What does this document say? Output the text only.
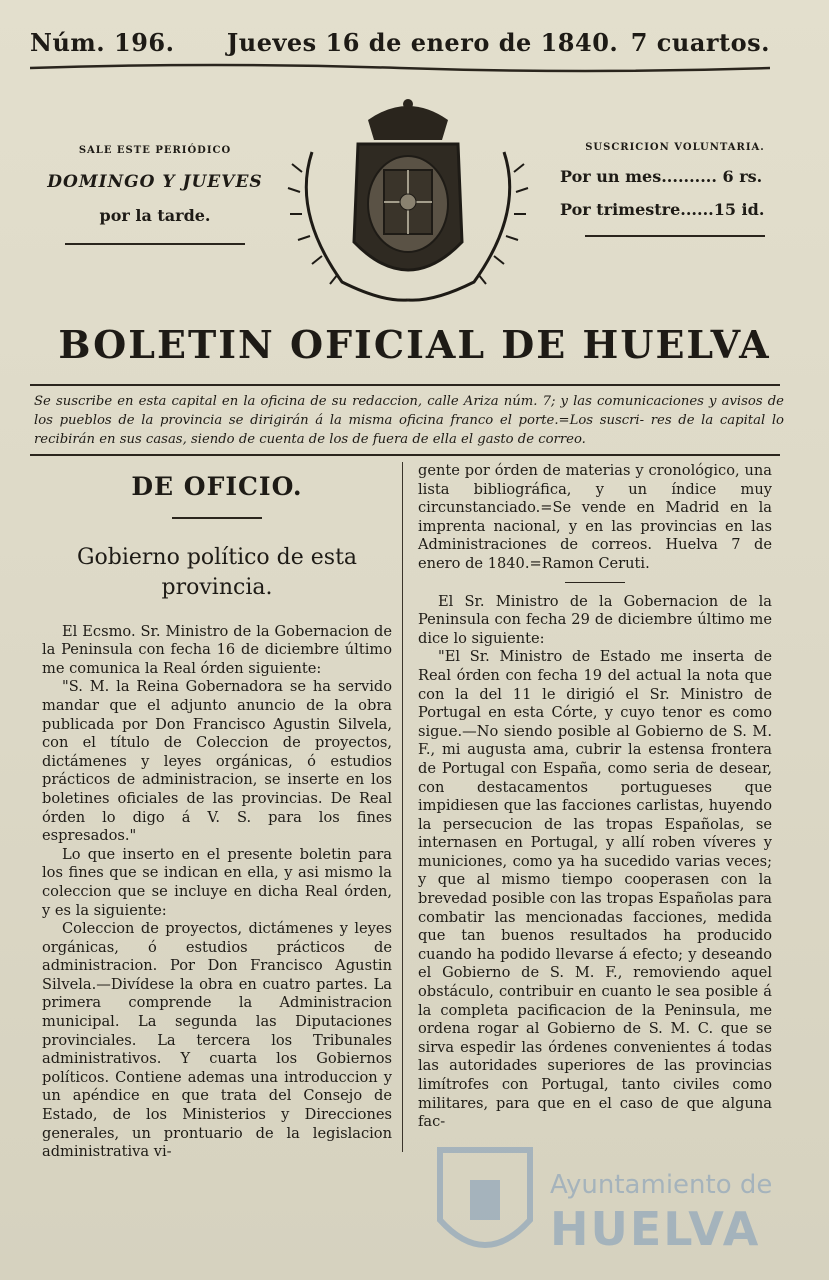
Núm. 196. Jueves 16 de enero de 1840. 7 cuartos.
SALE ESTE PERIÓDICO
DOMINGO Y JUEVES
por la tarde.
SUSCRICION VOLUNTARIA.
Por un mes.......... 6 rs.
Por trimestre......15 id.
BOLETIN OFICIAL DE HUELVA
Se suscribe en esta capital en la oficina de su redaccion, calle Ariza núm. 7; y las comunicaciones y avisos de los pueblos de la provincia se dirigirán á la misma oficina franco el porte.=Los suscri- res de la capital lo recibirán en sus casas, siendo de cuenta de los de fuera de ella el gasto de correo.
DE OFICIO.
Gobierno político de esta provincia.

El Ecsmo. Sr. Ministro de la Gobernacion de la Peninsula con fecha 16 de diciembre último me comunica la Real órden siguiente:

"S. M. la Reina Gobernadora se ha servido mandar que el adjunto anuncio de la obra publicada por Don Francisco Agustin Silvela, con el título de Coleccion de proyectos, dictámenes y leyes orgánicas, ó estudios prácticos de administracion, se inserte en los boletines oficiales de las provincias. De Real órden lo digo á V. S. para los fines espresados."

Lo que inserto en el presente boletin para los fines que se indican en ella, y asi mismo la coleccion que se incluye en dicha Real órden, y es la siguiente:

Coleccion de proyectos, dictámenes y leyes orgánicas, ó estudios prácticos de administracion. Por Don Francisco Agustin Silvela.—Divídese la obra en cuatro partes. La primera comprende la Administracion municipal. La segunda las Diputaciones provinciales. La tercera los Tribunales administrativos. Y cuarta los Gobiernos políticos. Contiene ademas una introduccion y un apéndice en que trata del Consejo de Estado, de los Ministerios y Direcciones generales, un prontuario de la legislacion administrativa vi-

gente por órden de materias y cronológico, una lista bibliográfica, y un índice muy circunstanciado.=Se vende en Madrid en la imprenta nacional, y en las provincias en las Administraciones de correos. Huelva 7 de enero de 1840.=Ramon Ceruti.

El Sr. Ministro de la Gobernacion de la Peninsula con fecha 29 de diciembre último me dice lo siguiente:

"El Sr. Ministro de Estado me inserta de Real órden con fecha 19 del actual la nota que con la del 11 le dirigió el Sr. Ministro de Portugal en esta Córte, y cuyo tenor es como sigue.—No siendo posible al Gobierno de S. M. F., mi augusta ama, cubrir la estensa frontera de Portugal con España, como seria de desear, con destacamentos portugueses que impidiesen que las facciones carlistas, huyendo la persecucion de las tropas Españolas, se internasen en Portugal, y allí roben víveres y municiones, como ya ha sucedido varias veces; y que al mismo tiempo cooperasen con la brevedad posible con las tropas Españolas para combatir las mencionadas facciones, medida que tan buenos resultados ha producido cuando ha podido llevarse á efecto; y deseando el Gobierno de S. M. F., removiendo aquel obstáculo, contribuir en cuanto le sea posible á la completa pacificacion de la Peninsula, me ordena rogar al Gobierno de S. M. C. que se sirva espedir las órdenes convenientes á todas las autoridades superiores de las provincias limítrofes con Portugal, tanto civiles como militares, para que en el caso de que alguna fac-

Ayuntamiento de
HUELVA
